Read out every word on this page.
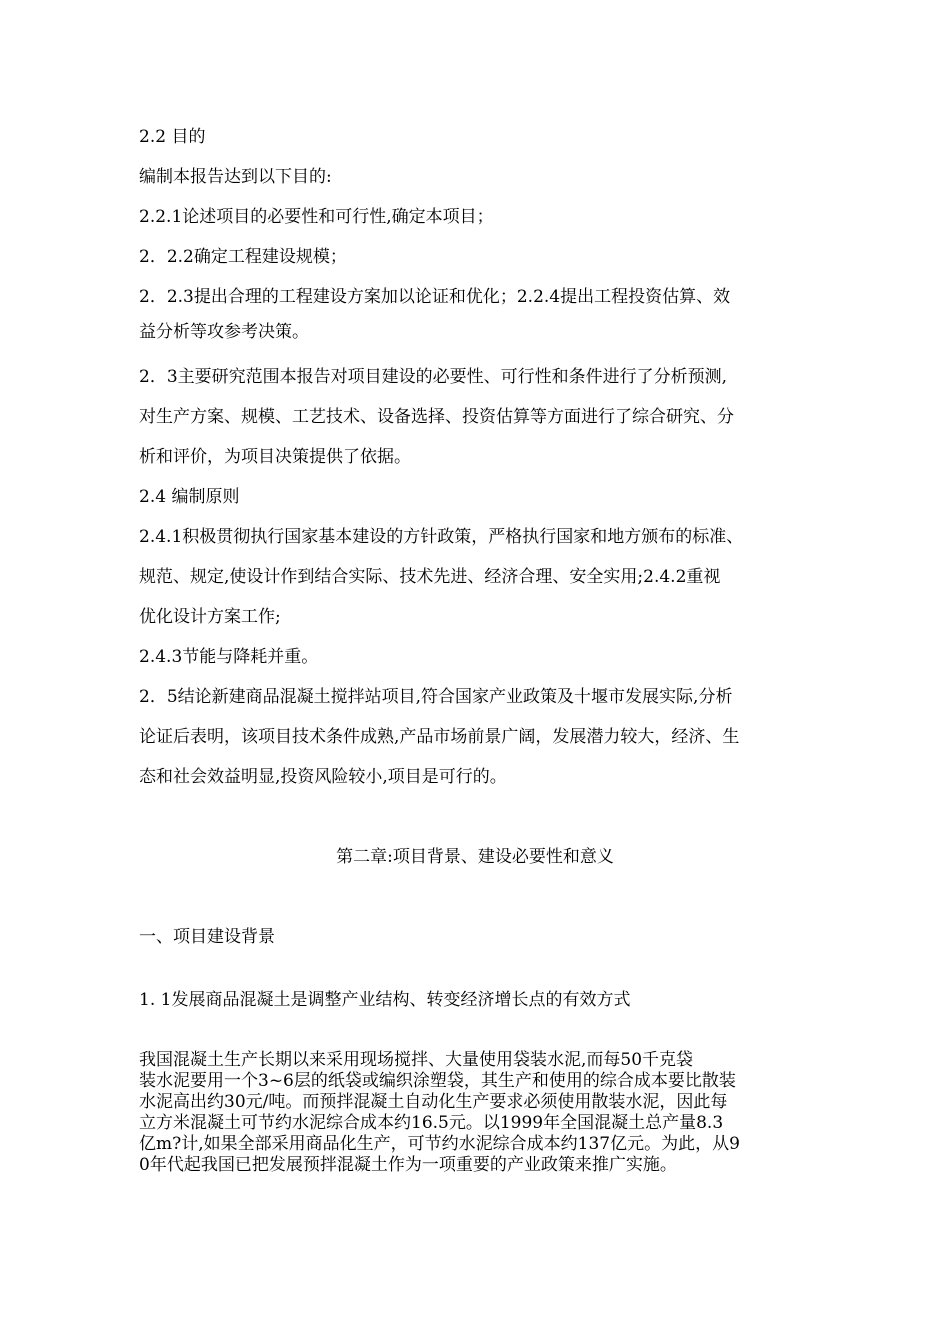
2.2 目的
编制本报告达到以下目的:
2.2.1论述项目的必要性和可行性,确定本项目；
2．2.2确定工程建设规模；
2．2.3提出合理的工程建设方案加以论证和优化；2.2.4提出工程投资估算、效
益分析等攻参考决策。
2．3主要研究范围本报告对项目建设的必要性、可行性和条件进行了分析预测,
对生产方案、规模、工艺技术、设备选择、投资估算等方面进行了综合研究、分
析和评价，为项目决策提供了依据。
2.4 编制原则
2.4.1积极贯彻执行国家基本建设的方针政策，严格执行国家和地方颁布的标准、
规范、规定,使设计作到结合实际、技术先进、经济合理、安全实用;2.4.2重视
优化设计方案工作;
2.4.3节能与降耗并重。
2．5结论新建商品混凝土搅拌站项目,符合国家产业政策及十堰市发展实际,分析
论证后表明，该项目技术条件成熟,产品市场前景广阔，发展潜力较大，经济、生
态和社会效益明显,投资风险较小,项目是可行的。
第二章:项目背景、建设必要性和意义
一、项目建设背景
1. 1发展商品混凝土是调整产业结构、转变经济增长点的有效方式
我国混凝土生产长期以来采用现场搅拌、大量使用袋装水泥,而每50千克袋
装水泥要用一个3~6层的纸袋或编织涂塑袋，其生产和使用的综合成本要比散装
水泥高出约30元/吨。而预拌混凝土自动化生产要求必须使用散装水泥，因此每
立方米混凝土可节约水泥综合成本约16.5元。以1999年全国混凝土总产量8.3
亿m?计,如果全部采用商品化生产，可节约水泥综合成本约137亿元。为此，从9
0年代起我国已把发展预拌混凝土作为一项重要的产业政策来推广实施。
